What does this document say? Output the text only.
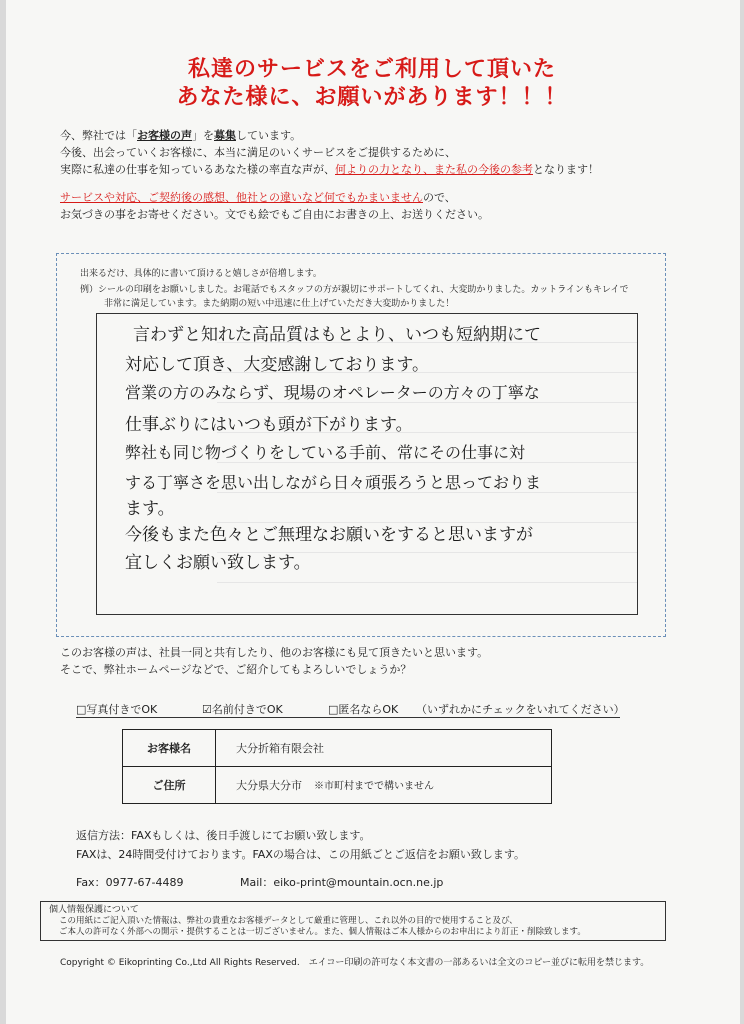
私達のサービスをご利用して頂いた
あなた様に、お願いがあります！！！
今、弊社では「お客様の声」を募集しています。
今後、出会っていくお客様に、本当に満足のいくサービスをご提供するために、
実際に私達の仕事を知っているあなた様の率直な声が、何よりの力となり、また私の今後の参考となります！
サービスや対応、ご契約後の感想、他社との違いなど何でもかまいませんので、
お気づきの事をお寄せください。文でも絵でもご自由にお書きの上、お送りください。
出来るだけ、具体的に書いて頂けると嬉しさが倍増します。
例）シールの印刷をお願いしました。お電話でもスタッフの方が親切にサポートしてくれ、大変助かりました。カットラインもキレイで
非常に満足しています。また納期の短い中迅速に仕上げていただき大変助かりました！
言わずと知れた高品質はもとより、いつも短納期にて
対応して頂き、大変感謝しております。
営業の方のみならず、現場のオペレーターの方々の丁寧な
仕事ぶりにはいつも頭が下がります。
弊社も同じ物づくりをしている手前、常にその仕事に対
する丁寧さを思い出しながら日々頑張ろうと思っておりま
ます。
今後もまた色々とご無理なお願いをすると思いますが
宜しくお願い致します。
このお客様の声は、社員一同と共有したり、他のお客様にも見て頂きたいと思います。
そこで、弊社ホームページなどで、ご紹介してもよろしいでしょうか？
□写真付きでOK	☑名前付きでOK	□匿名ならOK （いずれかにチェックをいれてください）
お客様名	大分折箱有限会社
ご住所	大分県大分市 ※市町村までで構いません
返信方法：FAXもしくは、後日手渡しにてお願い致します。
FAXは、24時間受付けております。FAXの場合は、この用紙ごとご返信をお願い致します。
Fax：0977-67-4489	Mail：eiko-print@mountain.ocn.ne.jp
個人情報保護について
この用紙にご記入頂いた情報は、弊社の貴重なお客様データとして厳重に管理し、これ以外の目的で使用すること及び、
ご本人の許可なく外部への開示・提供することは一切ございません。また、個人情報はご本人様からのお申出により訂正・削除致します。
Copyright © Eikoprinting Co.,Ltd All Rights Reserved.　エイコー印刷の許可なく本文書の一部あるいは全文のコピー並びに転用を禁じます。
